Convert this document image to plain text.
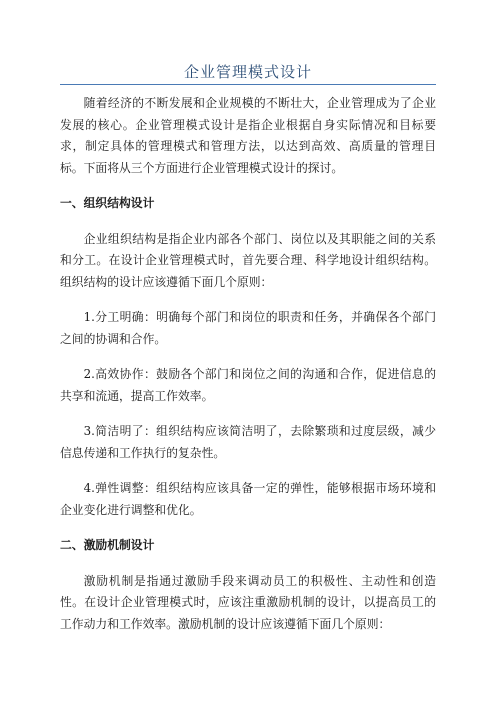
企业管理模式设计

随着经济的不断发展和企业规模的不断壮大，企业管理成为了企业发展的核心。企业管理模式设计是指企业根据自身实际情况和目标要求，制定具体的管理模式和管理方法，以达到高效、高质量的管理目标。下面将从三个方面进行企业管理模式设计的探讨。

一、组织结构设计

企业组织结构是指企业内部各个部门、岗位以及其职能之间的关系和分工。在设计企业管理模式时，首先要合理、科学地设计组织结构。组织结构的设计应该遵循下面几个原则：

1.分工明确：明确每个部门和岗位的职责和任务，并确保各个部门之间的协调和合作。

2.高效协作：鼓励各个部门和岗位之间的沟通和合作，促进信息的共享和流通，提高工作效率。

3.简洁明了：组织结构应该简洁明了，去除繁琐和过度层级，减少信息传递和工作执行的复杂性。

4.弹性调整：组织结构应该具备一定的弹性，能够根据市场环境和企业变化进行调整和优化。

二、激励机制设计

激励机制是指通过激励手段来调动员工的积极性、主动性和创造性。在设计企业管理模式时，应该注重激励机制的设计，以提高员工的工作动力和工作效率。激励机制的设计应该遵循下面几个原则：
